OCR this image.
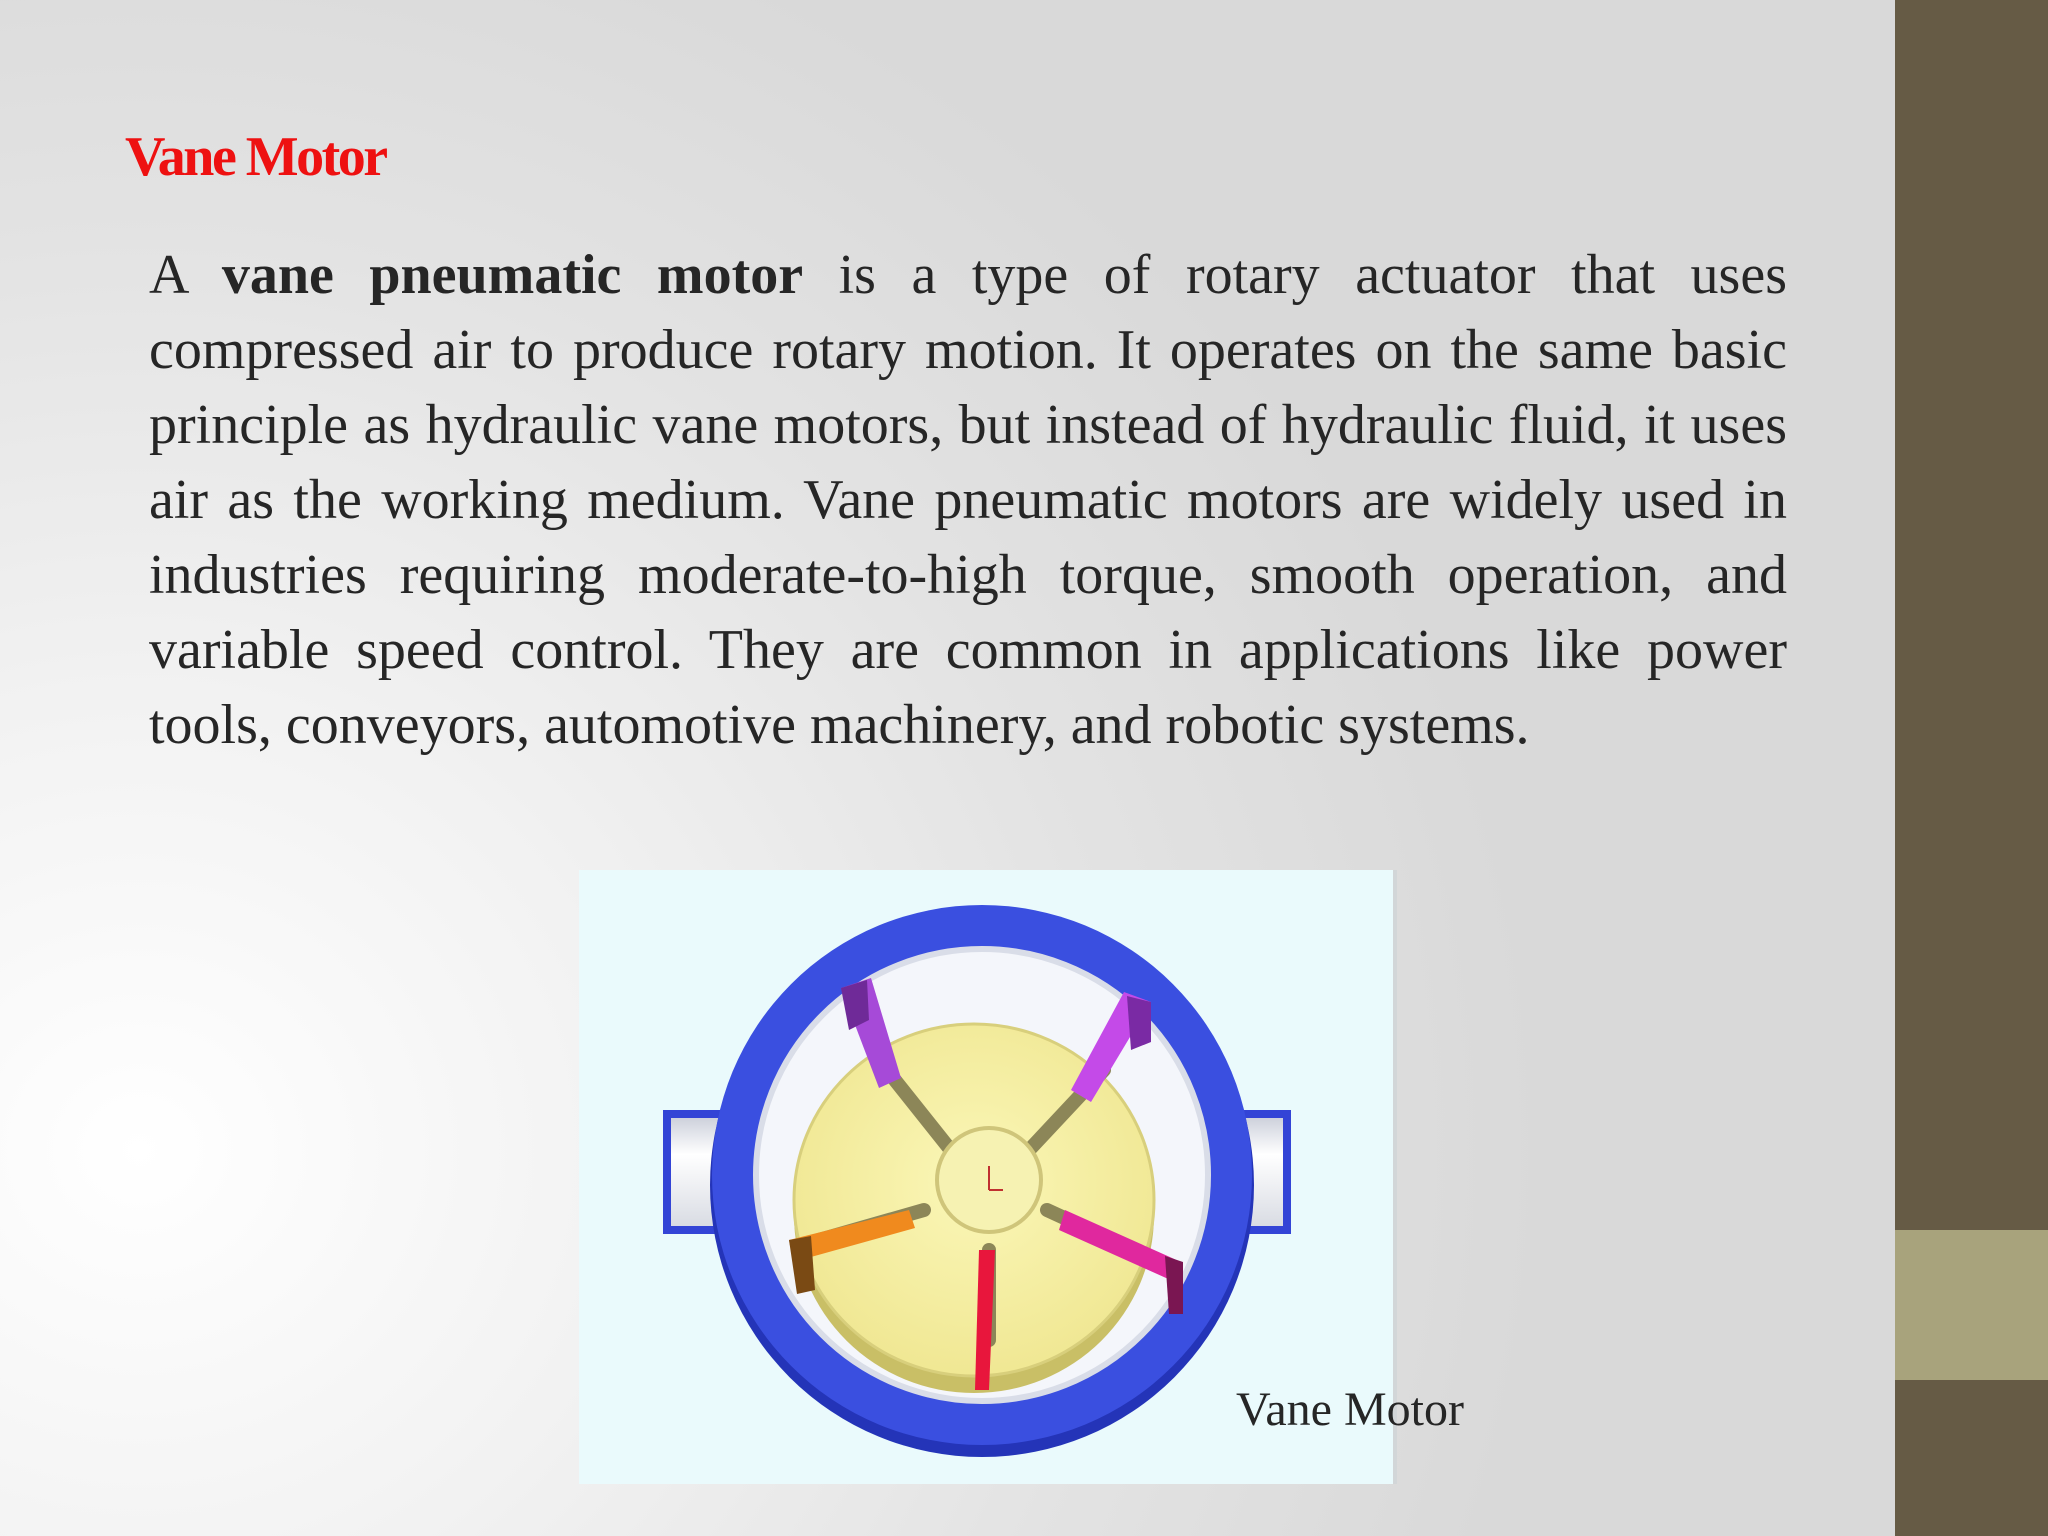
Vane Motor

A vane pneumatic motor is a type of rotary actuator that uses compressed air to produce rotary motion. It operates on the same basic principle as hydraulic vane motors, but instead of hydraulic fluid, it uses air as the working medium. Vane pneumatic motors are widely used in industries requiring moderate-to-high torque, smooth operation, and variable speed control. They are common in applications like power tools, conveyors, automotive machinery, and robotic systems.

Vane Motor
